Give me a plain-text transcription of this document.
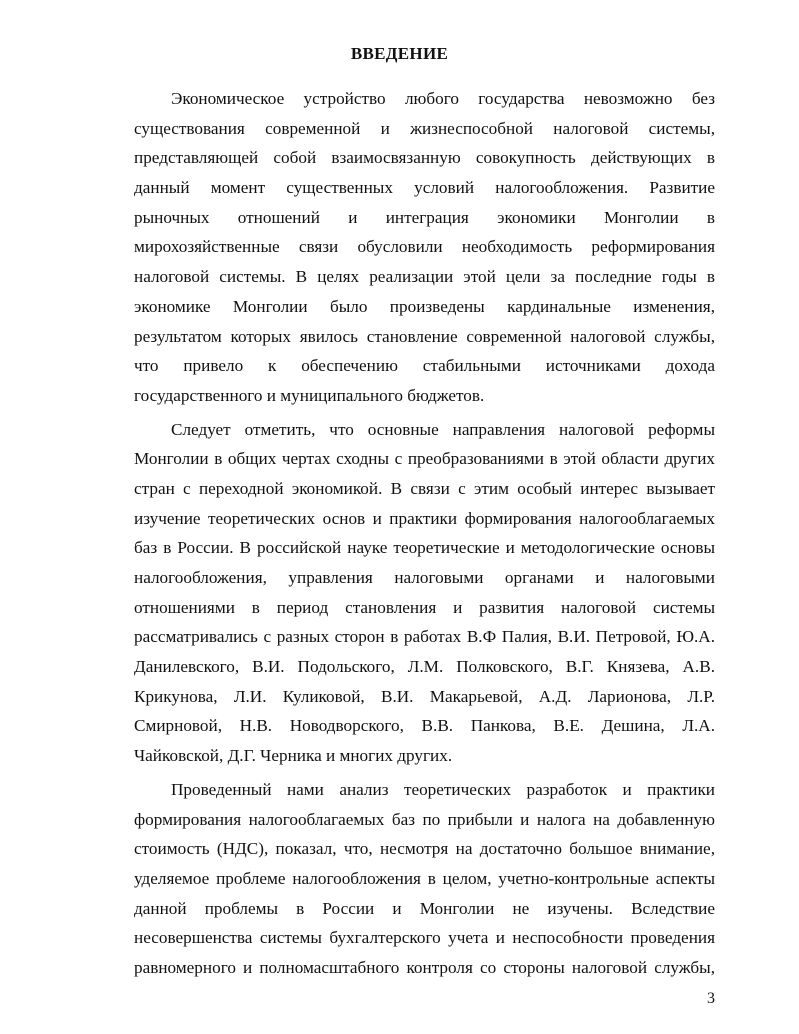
ВВЕДЕНИЕ
Экономическое устройство любого государства невозможно без
существования современной и жизнеспособной налоговой системы,
представляющей собой взаимосвязанную совокупность действующих в
данный момент существенных условий налогообложения. Развитие
рыночных отношений и интеграция экономики Монголии в
мирохозяйственные связи обусловили необходимость реформирования
налоговой системы. В целях реализации этой цели за последние годы в
экономике Монголии было произведены кардинальные изменения,
результатом которых явилось становление современной налоговой службы,
что привело к обеспечению стабильными источниками дохода
государственного и муниципального бюджетов.
Следует отметить, что основные направления налоговой реформы
Монголии в общих чертах сходны с преобразованиями в этой области других
стран с переходной экономикой. В связи с этим особый интерес вызывает
изучение теоретических основ и практики формирования налогооблагаемых
баз в России. В российской науке теоретические и методологические основы
налогообложения, управления налоговыми органами и налоговыми
отношениями в период становления и развития налоговой системы
рассматривались с разных сторон в работах В.Ф Палия, В.И. Петровой, Ю.А.
Данилевского, В.И. Подольского, Л.М. Полковского, В.Г. Князева, А.В.
Крикунова, Л.И. Куликовой, В.И. Макарьевой, А.Д. Ларионова, Л.Р.
Смирновой, Н.В. Новодворского, В.В. Панкова, В.Е. Дешина, Л.А.
Чайковской, Д.Г. Черника и многих других.
Проведенный нами анализ теоретических разработок и практики
формирования налогооблагаемых баз по прибыли и налога на добавленную
стоимость (НДС), показал, что, несмотря на достаточно большое внимание,
уделяемое проблеме налогообложения в целом, учетно-контрольные аспекты
данной проблемы в России и Монголии не изучены. Вследствие
несовершенства системы бухгалтерского учета и неспособности проведения
равномерного и полномасштабного контроля со стороны налоговой службы,
3
